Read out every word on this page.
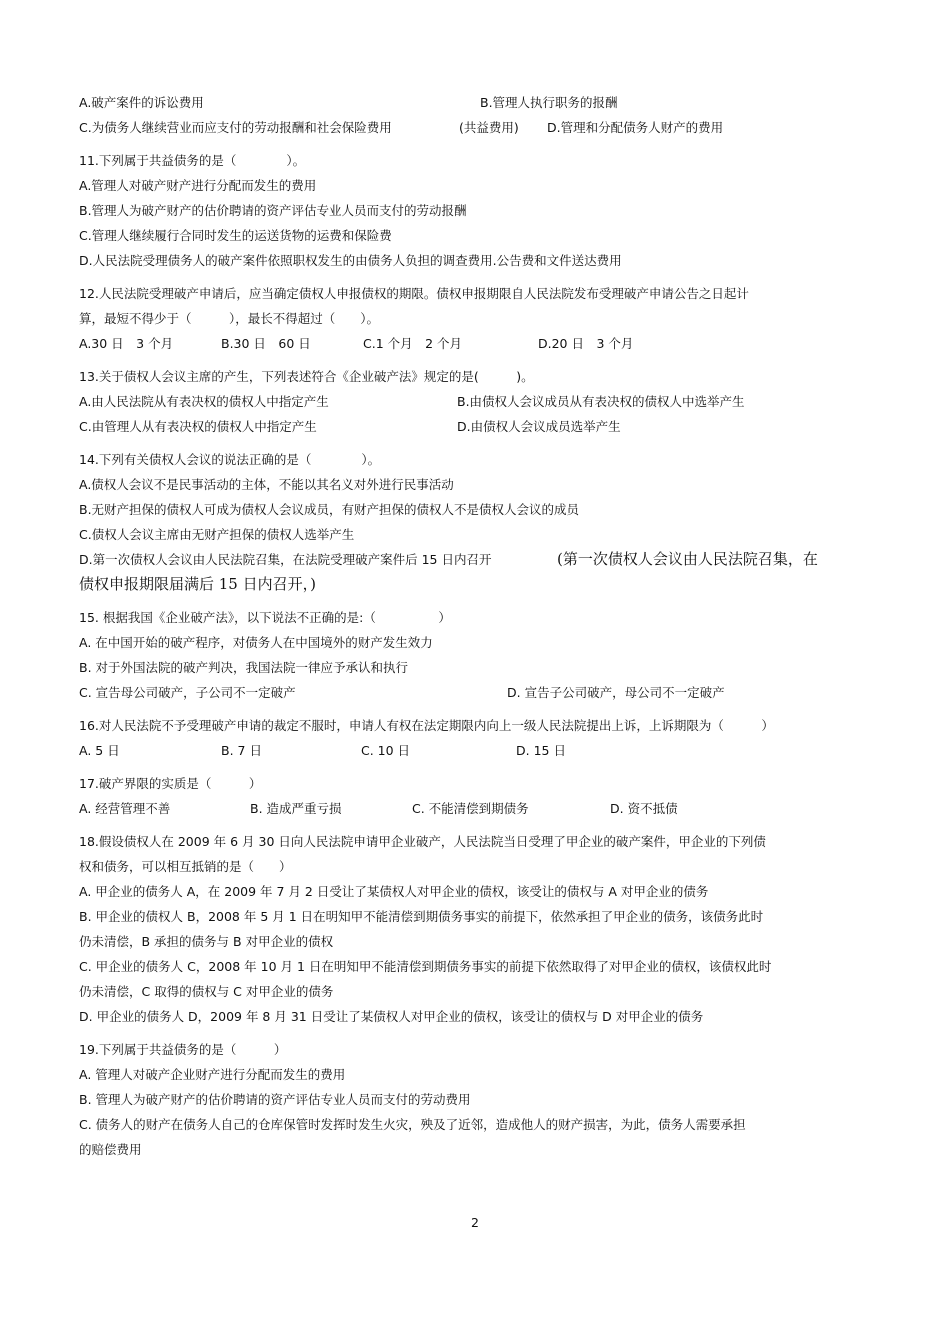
A.破产案件的诉讼费用	B.管理人执行职务的报酬
C.为债务人继续营业而应支付的劳动报酬和社会保险费用	(共益费用) D.管理和分配债务人财产的费用
11.下列属于共益债务的是（　　　　）。
A.管理人对破产财产进行分配而发生的费用
B.管理人为破产财产的估价聘请的资产评估专业人员而支付的劳动报酬
C.管理人继续履行合同时发生的运送货物的运费和保险费
D.人民法院受理债务人的破产案件依照职权发生的由债务人负担的调查费用.公告费和文件送达费用
12.人民法院受理破产申请后，应当确定债权人申报债权的期限。债权申报期限自人民法院发布受理破产申请公告之日起计
算，最短不得少于（　　　），最长不得超过（　　）。
A.30 日　3 个月	B.30 日　60 日	C.1 个月　2 个月	D.20 日　3 个月
13.关于债权人会议主席的产生，下列表述符合《企业破产法》规定的是(　　　)。
A.由人民法院从有表决权的债权人中指定产生	B.由债权人会议成员从有表决权的债权人中选举产生
C.由管理人从有表决权的债权人中指定产生	D.由债权人会议成员选举产生
14.下列有关债权人会议的说法正确的是（　　　　）。
A.债权人会议不是民事活动的主体，不能以其名义对外进行民事活动
B.无财产担保的债权人可成为债权人会议成员，有财产担保的债权人不是债权人会议的成员
C.债权人会议主席由无财产担保的债权人选举产生
D.第一次债权人会议由人民法院召集，在法院受理破产案件后 15 日内召开	(第一次债权人会议由人民法院召集，在
债权申报期限届满后 15 日内召开，)
15. 根据我国《企业破产法》，以下说法不正确的是:（　　　　　）
A. 在中国开始的破产程序，对债务人在中国境外的财产发生效力
B. 对于外国法院的破产判决，我国法院一律应予承认和执行
C. 宣告母公司破产，子公司不一定破产	D. 宣告子公司破产，母公司不一定破产
16.对人民法院不予受理破产申请的裁定不服时，申请人有权在法定期限内向上一级人民法院提出上诉，上诉期限为（　　　）
A. 5 日	B. 7 日	C. 10 日	D. 15 日
17.破产界限的实质是（　　　）
A. 经营管理不善	B. 造成严重亏损	C. 不能清偿到期债务	D. 资不抵债
18.假设债权人在 2009 年 6 月 30 日向人民法院申请甲企业破产，人民法院当日受理了甲企业的破产案件，甲企业的下列债
权和债务，可以相互抵销的是（　　）
A. 甲企业的债务人 A，在 2009 年 7 月 2 日受让了某债权人对甲企业的债权，该受让的债权与 A 对甲企业的债务
B. 甲企业的债权人 B，2008 年 5 月 1 日在明知甲不能清偿到期债务事实的前提下，依然承担了甲企业的债务，该债务此时
仍未清偿，B 承担的债务与 B 对甲企业的债权
C. 甲企业的债务人 C，2008 年 10 月 1 日在明知甲不能清偿到期债务事实的前提下依然取得了对甲企业的债权，该债权此时
仍未清偿，C 取得的债权与 C 对甲企业的债务
D. 甲企业的债务人 D，2009 年 8 月 31 日受让了某债权人对甲企业的债权，该受让的债权与 D 对甲企业的债务
19.下列属于共益债务的是（　　　）
A. 管理人对破产企业财产进行分配而发生的费用
B. 管理人为破产财产的估价聘请的资产评估专业人员而支付的劳动费用
C. 债务人的财产在债务人自己的仓库保管时发挥时发生火灾，殃及了近邻，造成他人的财产损害，为此，债务人需要承担
的赔偿费用
2
